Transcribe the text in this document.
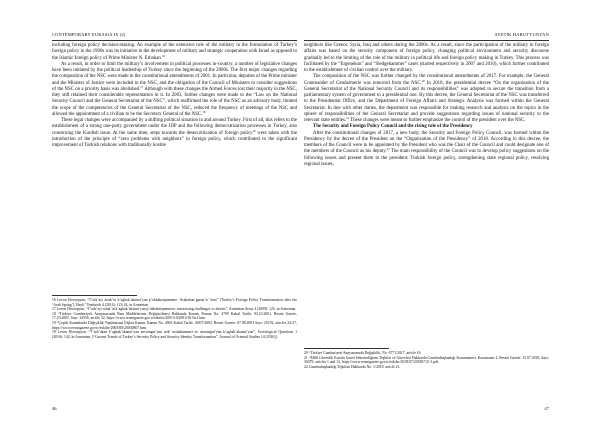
CONTEMPORARY EURASIA IX (2)

including foreign policy decision-making. An example of the extensive role of the military in the formulation of Turkey’s foreign policy in the 1990s was its initiative in the development of military and strategic cooperation with Israel as opposed to the Islamic foreign policy of Prime Minister N. Erbakan.$^{16}$

As a result, in order to limit the military’s involvement in political processes in-country, a number of legislative changes have been initiated by the political leadership of Turkey since the beginning of the 2000s. The first major changes regarding the composition of the NSC were made in the constitutional amendments of 2001. In particular, deputies of the Prime minister and the Minister of Justice were included in the NSC, and the obligation of the Council of Ministers to consider suggestions of the NSC on a priority basis was abolished.$^{17}$ Although with these changes the Armed Forces lost their majority in the NSC, they still retained their considerable representation in it. In 2003, further changes were made to the “Law on the National Security Council and the General Secretariat of the NSC”, which reaffirmed the role of the NSC as an advisory body, limited the scope of the competencies of the General Secretariat of the NSC, reduced the frequency of meetings of the NSC and allowed the appointment of a civilian to be the Secretary General of the NSC.$^{18}$

These legal changes were accompanied by a shifting political situation in and around Turkey. First of all, this refers to the establishment of a strong one-party government under the JDP and the following democratization processes in Turkey, also concerning the Kurdish issue. At the same time, steps towards the desecuritization of foreign policy$^{19}$ were taken with the introduction of the principle of “zero problems with neighbors” in foreign policy, which contributed to the significant improvement of Turkish relations with traditionally hostile

16 Levon Hovsepyan, “T’urk’ayi artak’in k’aghak’akanut’yan p’okhakerpumnere ‘Arabakan garun’ic’ heto” [Turkey’s Foreign Policy Transformation after the ‘Arab Spring’], Hayk” Yearbook 4 (2014): 123-24, in Armenian.

17 Levon Hovsepyan, “T’urk’ayi artak’in k’aghak’akanut’yan p’okhakerpumnere: reassessing challenges vs threats”, Armenian Army 4 (2009): 125, in Armenian.

18 “Türkiye Cumhuriyeti Anayasasında Bazı Maddelerinin Değiştirilmesi Hakkında Kanun, Kanun No: 4709 Kabul Tarihi: 03.10.2001, Resmi Gazete, 17.10.2001, Sayı: 24556, article 32, https://www.resmigazete.gov.tr/eskiler/2001/10/20011017m1.htm.

19 “Çeşitli Kanunlarda Değişiklik Yapılmasına İlişkin Kanun, Kanun No: 4963 Kabul Tarihi: 30/07/2003, Resmi Gazete: 07.08.2003 Sayı: 25192, articles 24-27, https://www.resmigazete.gov.tr/eskiler/2003/08/20030807.htm.

19 Levon Hovsepyan, “T’urk’akan k’aghak’akanut’yan anvtangut’yan arik’ mshakumneri ev anvtangut’yan k’aghak’akanut’yun”, Sociological Questions 1 (2016): 142, in Armenian, [“Current Trends of Turkey’s Security Policy and Security Identity Transformation”, Journal of Oriental Studies 14 (2016)].

46
AYETIK HARUTYUNYAN

neighbors like Greece, Syria, Iraq and others during the 2000s. As a result, since the participation of the military in foreign affairs was based on the security component of foreign policy, changing political environment and security discourse gradually led to the limiting of the role of the military in political life and foreign policy making in Turkey. This process was facilitated by the “Ergenekon” and “Sledgehammer” cases (started respectively in 2007 and 2010), which further contributed to the establishment of civilian control over the military.

The composition of the NSC was further changed by the constitutional amendments of 2017. For example, the General Commander of Gendarmerie was removed from the NSC.$^{20}$ In 2018, the presidential decree “On the organization of the General Secretariat of the National Security Council and its responsibilities” was adopted to secure the transition from a parliamentary system of government to a presidential one. By this decree, the General Secretariat of the NSC was transferred to the Presidential Office, and the Department of Foreign Affairs and Strategic Analysis was formed within the General Secretariat. In line with other duties, the department was responsible for making research and analysis on the topics in the sphere of responsibilities of the General Secretariat and provide suggestions regarding issues of national security to the relevant state entities.$^{21}$ These changes were meant to further emphasize the control of the president over the NSC.

The Security and Foreign Policy Council and the rising role of the Presidency

After the constitutional changes of 2017, a new body, the Security and Foreign Policy Council, was formed within the Presidency by the decree of the President on the “Organization of the Presidency” of 2018. According to this decree, the members of the Council were to be appointed by the President who was the Chair of the Council and could designate one of the members of the Council as his deputy.$^{22}$ The main responsibility of the Council was to develop policy suggestions on the following issues and present them to the president: Turkish foreign policy, strengthening state regional policy, resolving regional issues,

20 “Türkiye Cumhuriyeti Anayasasında Değişiklik, No. 6771/2017, article 16.

21 “Millî Güvenlik Kurulu Genel Sekreterliğinin Teşkilat ve Görevleri Hakkında Cumhurbaşkanlığı Kararnamesi, Kararname 4, Resmî Gazete: 15.07.2018, Sayı: 30479, articles 1 and 13, https://www.resmigazete.gov.tr/eskiler/2018/07/20180715-3.pdf.

22 Cumhurbaşkanlığı Teşkilatı Hakkında No. 1/2018, article 21.

47
